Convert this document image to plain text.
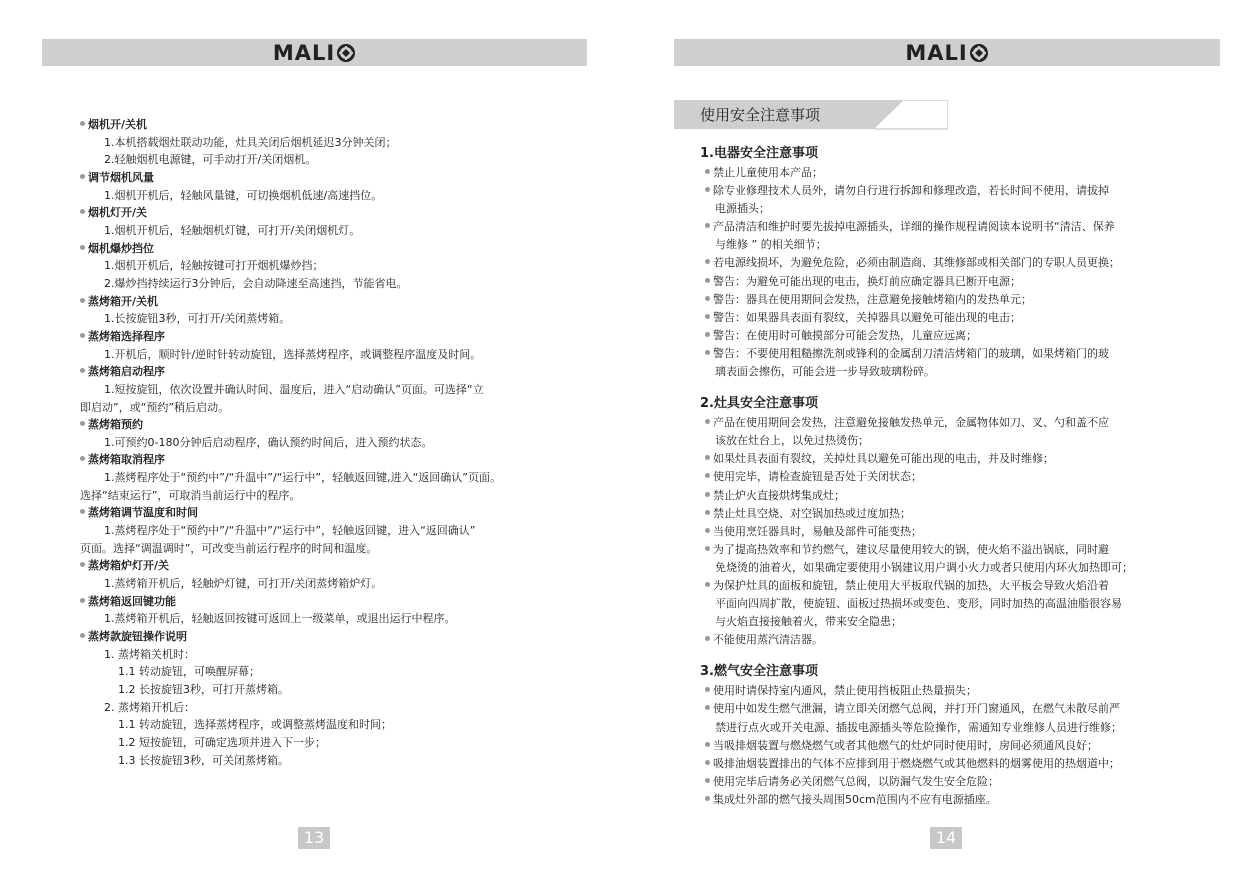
MALI
烟机开/关机
1.本机搭载烟灶联动功能，灶具关闭后烟机延迟3分钟关闭；
2.轻触烟机电源键，可手动打开/关闭烟机。
调节烟机风量
1.烟机开机后，轻触风量键，可切换烟机低速/高速挡位。
烟机灯开/关
1.烟机开机后，轻触烟机灯键，可打开/关闭烟机灯。
烟机爆炒挡位
1.烟机开机后，轻触按键可打开烟机爆炒挡；
2.爆炒挡持续运行3分钟后，会自动降速至高速挡，节能省电。
蒸烤箱开/关机
1.长按旋钮3秒，可打开/关闭蒸烤箱。
蒸烤箱选择程序
1.开机后，顺时针/逆时针转动旋钮，选择蒸烤程序，或调整程序温度及时间。
蒸烤箱启动程序
1.短按旋钮，依次设置并确认时间、温度后，进入“启动确认”页面。可选择“立
即启动”，或“预约”稍后启动。
蒸烤箱预约
1.可预约0-180分钟后启动程序，确认预约时间后，进入预约状态。
蒸烤箱取消程序
1.蒸烤程序处于“预约中”/“升温中”/“运行中”，轻触返回键,进入“返回确认”页面。
选择“结束运行”，可取消当前运行中的程序。
蒸烤箱调节温度和时间
1.蒸烤程序处于“预约中”/“升温中”/“运行中”，轻触返回键，进入“返回确认”
页面。选择“调温调时”，可改变当前运行程序的时间和温度。
蒸烤箱炉灯开/关
1.蒸烤箱开机后，轻触炉灯键，可打开/关闭蒸烤箱炉灯。
蒸烤箱返回键功能
1.蒸烤箱开机后，轻触返回按键可返回上一级菜单，或退出运行中程序。
蒸烤款旋钮操作说明
1. 蒸烤箱关机时：
1.1 转动旋钮，可唤醒屏幕；
1.2 长按旋钮3秒，可打开蒸烤箱。
2. 蒸烤箱开机后：
1.1 转动旋钮，选择蒸烤程序，或调整蒸烤温度和时间；
1.2 短按旋钮，可确定选项并进入下一步；
1.3 长按旋钮3秒，可关闭蒸烤箱。
13
MALI
使用安全注意事项
1.电器安全注意事项
禁止儿童使用本产品；
除专业修理技术人员外，请勿自行进行拆卸和修理改造，若长时间不使用，请拔掉
电源插头；
产品清洁和维护时要先拔掉电源插头，详细的操作规程请阅读本说明书“清洁、保养
与维修 ” 的相关细节；
若电源线损坏，为避免危险，必须由制造商、其维修部或相关部门的专职人员更换；
警告：为避免可能出现的电击，换灯前应确定器具已断开电源；
警告：器具在使用期间会发热，注意避免接触烤箱内的发热单元；
警告：如果器具表面有裂纹，关掉器具以避免可能出现的电击；
警告：在使用时可触摸部分可能会发热，儿童应远离；
警告：不要使用粗糙擦洗剂或锋利的金属刮刀清洁烤箱门的玻璃，如果烤箱门的玻
璃表面会擦伤，可能会进一步导致玻璃粉碎。
2.灶具安全注意事项
产品在使用期间会发热，注意避免接触发热单元，金属物体如刀、叉、勺和盖不应
该放在灶台上，以免过热烫伤；
如果灶具表面有裂纹，关掉灶具以避免可能出现的电击，并及时维修；
使用完毕，请检查旋钮是否处于关闭状态；
禁止炉火直接烘烤集成灶；
禁止灶具空烧、对空锅加热或过度加热；
当使用烹饪器具时，易触及部件可能变热；
为了提高热效率和节约燃气，建议尽量使用较大的锅，使火焰不溢出锅底，同时避
免烧烫的油着火，如果确定要使用小锅建议用户调小火力或者只使用内环火加热即可；
为保护灶具的面板和旋钮，禁止使用大平板取代锅的加热，大平板会导致火焰沿着
平面向四周扩散，使旋钮、面板过热损坏或变色、变形，同时加热的高温油脂很容易
与火焰直接接触着火，带来安全隐患；
不能使用蒸汽清洁器。
3.燃气安全注意事项
使用时请保持室内通风，禁止使用挡板阻止热量损失；
使用中如发生燃气泄漏，请立即关闭燃气总阀，并打开门窗通风，在燃气未散尽前严
禁进行点火或开关电源、插拔电源插头等危险操作，需通知专业维修人员进行维修；
当吸排烟装置与燃烧燃气或者其他燃气的灶炉同时使用时，房间必须通风良好；
吸排油烟装置排出的气体不应排到用于燃烧燃气或其他燃料的烟雾使用的热烟道中；
使用完毕后请务必关闭燃气总阀，以防漏气发生安全危险；
集成灶外部的燃气接头周围50cm范围内不应有电源插座。
14
